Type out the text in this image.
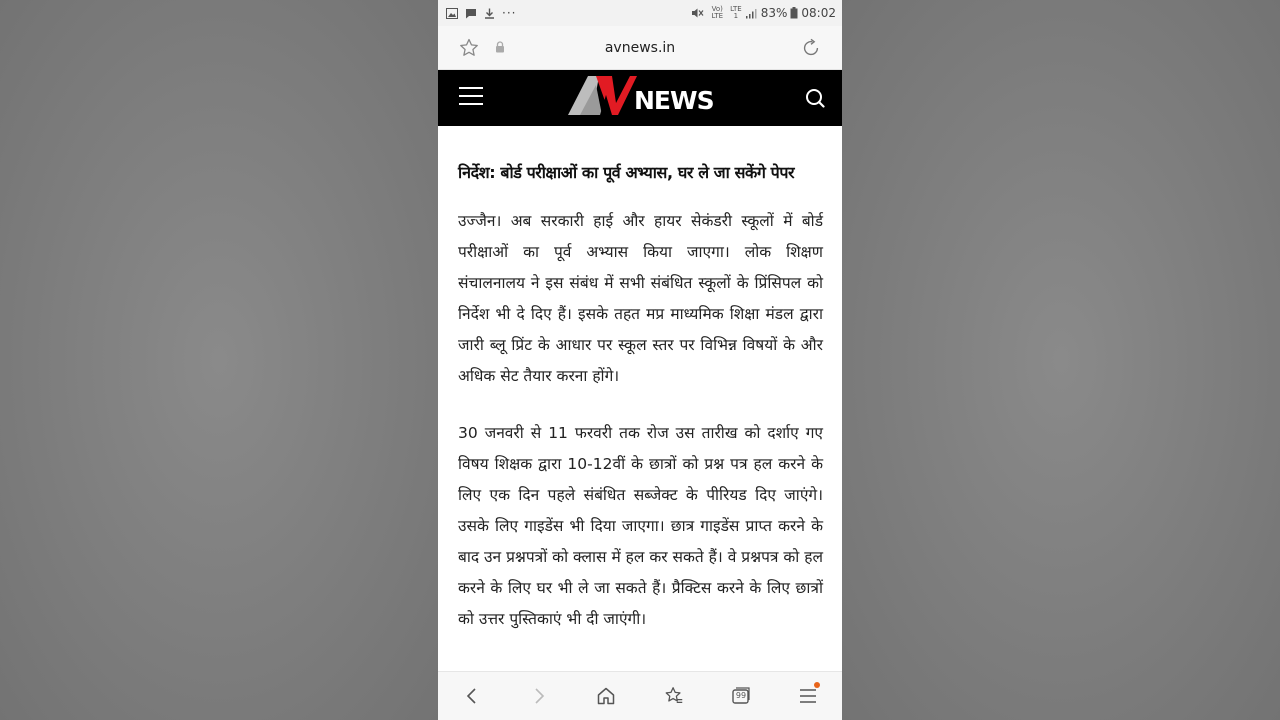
···	Vo)
LTE
LTE
1 83% 08:02
avnews.in
NEWS
निर्देश: बोर्ड परीक्षाओं का पूर्व अभ्यास, घर ले जा सकेंगे पेपर

उज्जैन। अब सरकारी हाई और हायर सेकंडरी स्कूलों में बोर्ड परीक्षाओं का पूर्व अभ्यास किया जाएगा। लोक शिक्षण संचालनालय ने इस संबंध में सभी संबंधित स्कूलों के प्रिंसिपल को निर्देश भी दे दिए हैं। इसके तहत मप्र माध्यमिक शिक्षा मंडल द्वारा जारी ब्लू प्रिंट के आधार पर स्कूल स्तर पर विभिन्न विषयों के और अधिक सेट तैयार करना होंगे।

30 जनवरी से 11 फरवरी तक रोज उस तारीख को दर्शाए गए विषय शिक्षक द्वारा 10-12वीं के छात्रों को प्रश्न पत्र हल करने के लिए एक दिन पहले संबंधित सब्जेक्ट के पीरियड दिए जाएंगे। उसके लिए गाइडेंस भी दिया जाएगा। छात्र गाइडेंस प्राप्त करने के बाद उन प्रश्नपत्रों को क्लास में हल कर सकते हैं। वे प्रश्नपत्र को हल करने के लिए घर भी ले जा सकते हैं। प्रैक्टिस करने के लिए छात्रों को उत्तर पुस्तिकाएं भी दी जाएंगी।

99
